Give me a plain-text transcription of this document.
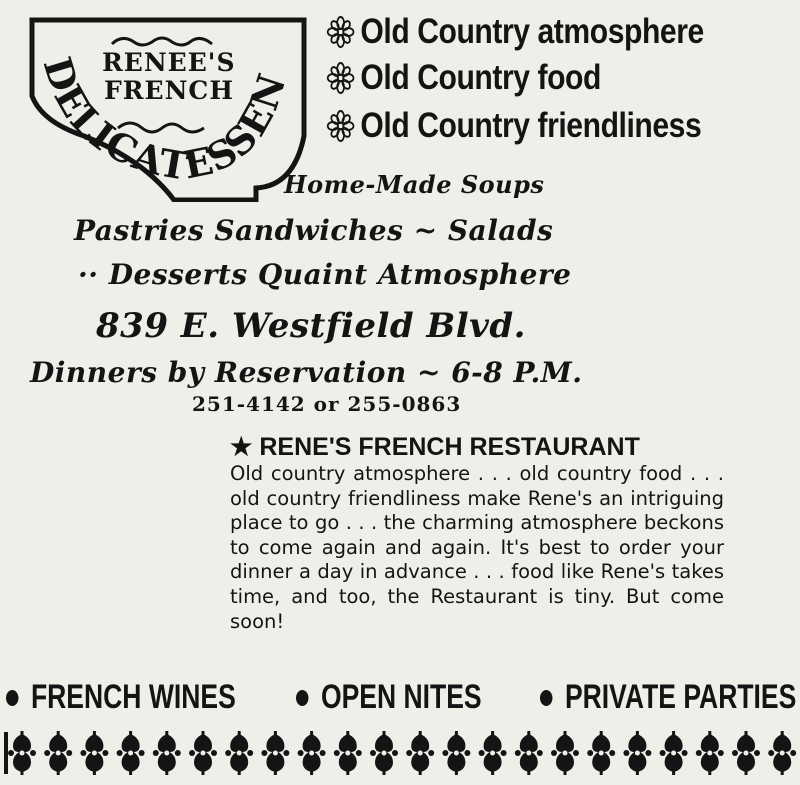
DELICATESSEN
RENEE'S
FRENCH
Old Country atmosphere
Old Country food
Old Country friendliness
Home-Made Soups
Pastries Sandwiches ~ Salads
·· Desserts Quaint Atmosphere
839 E. Westfield Blvd.
Dinners by Reservation ~ 6-8 P.M.
251-4142 or 255-0863
★ RENE'S FRENCH RESTAURANT
Old country atmosphere . . . old country food . . . old country friendliness make Rene's an intriguing place to go . . . the charming atmosphere beckons to come again and again. It's best to order your dinner a day in advance . . . food like Rene's takes time, and too, the Restaurant is tiny. But come soon!
FRENCH WINES	OPEN NITES PRIVATE PARTIES
